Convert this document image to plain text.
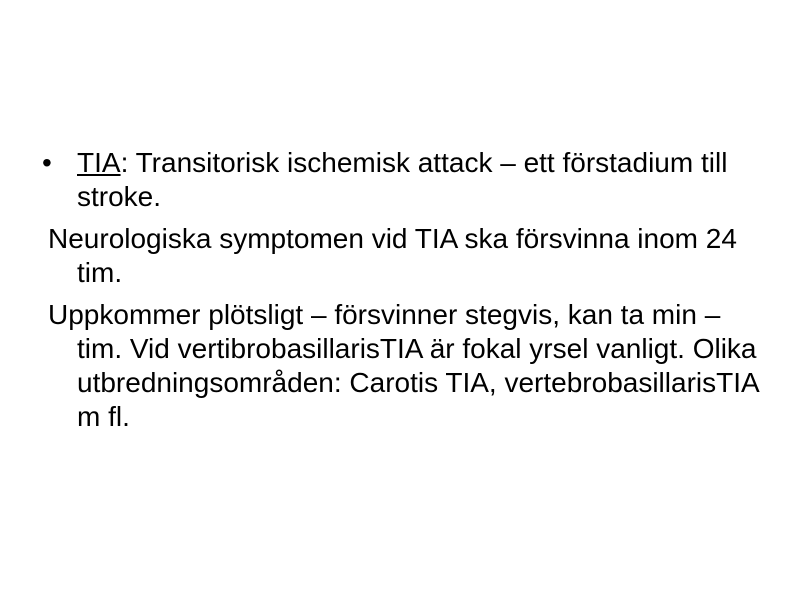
• TIA: Transitorisk ischemisk attack – ett förstadium till stroke.

Neurologiska symptomen vid TIA ska försvinna inom 24 tim.

Uppkommer plötsligt – försvinner stegvis, kan ta min – tim. Vid vertibrobasillarisTIA är fokal yrsel vanligt. Olika utbredningsområden: Carotis TIA, vertebrobasillarisTIA m fl.
